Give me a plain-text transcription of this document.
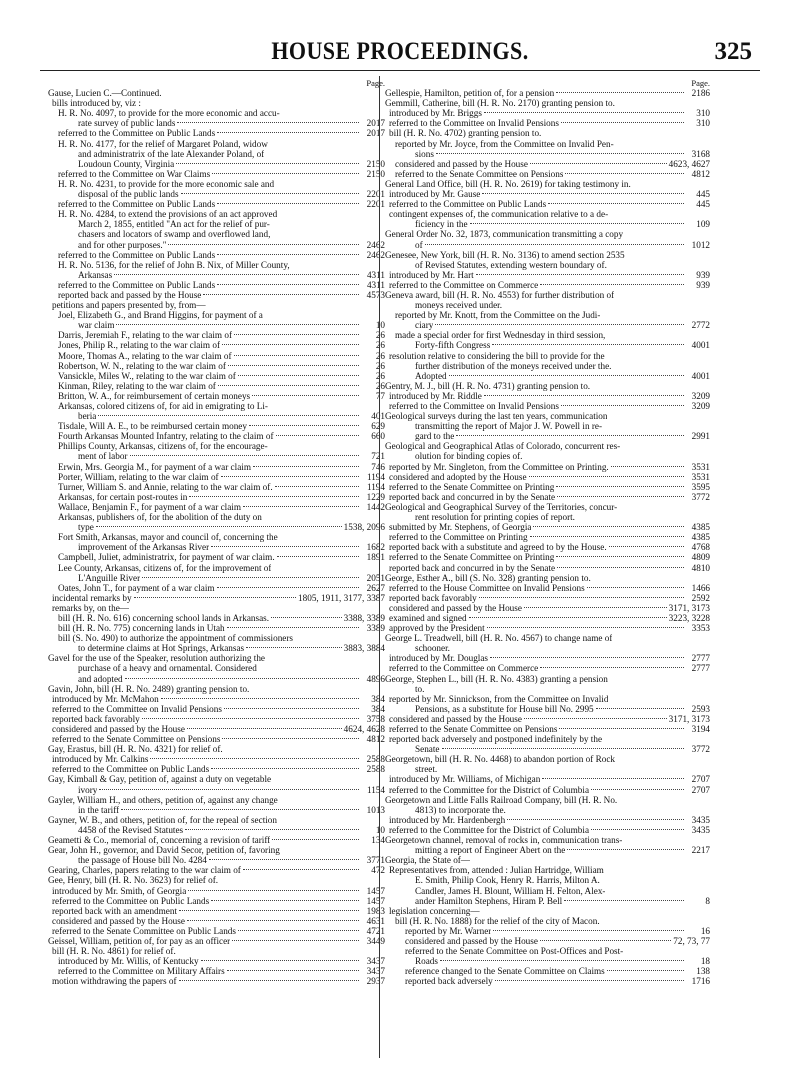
HOUSE PROCEEDINGS.	325
Page.
Gause, Lucien C.—Continued.
bills introduced by, viz :
H. R. No. 4097, to provide for the more economic and accu-
rate survey of public lands	2017
referred to the Committee on Public Lands	2017
H. R. No. 4177, for the relief of Margaret Poland, widow
and administratrix of the late Alexander Poland, of
Loudoun County, Virginia	2150
referred to the Committee on War Claims	2150
H. R. No. 4231, to provide for the more economic sale and
disposal of the public lands	2201
referred to the Committee on Public Lands	2201
H. R. No. 4284, to extend the provisions of an act approved
March 2, 1855, entitled "An act for the relief of pur-
chasers and locators of swamp and overflowed land,
and for other purposes."	2462
referred to the Committee on Public Lands	2462
H. R. No. 5136, for the relief of John B. Nix, of Miller County,
Arkansas	4311
referred to the Committee on Public Lands	4311
reported back and passed by the House	4573
petitions and papers presented by, from—
Joel, Elizabeth G., and Brand Higgins, for payment of a
war claim	10
Darris, Jeremiah F., relating to the war claim of	26
Jones, Philip R., relating to the war claim of	26
Moore, Thomas A., relating to the war claim of	26
Robertson, W. N., relating to the war claim of	26
Vansickle, Miles W., relating to the war claim of	26
Kinman, Riley, relating to the war claim of	26
Britton, W. A., for reimbursement of certain moneys	77
Arkansas, colored citizens of, for aid in emigrating to Li-
beria	401
Tisdale, Will A. E., to be reimbursed certain money	629
Fourth Arkansas Mounted Infantry, relating to the claim of	660
Phillips County, Arkansas, citizens of, for the encourage-
ment of labor	721
Erwin, Mrs. Georgia M., for payment of a war claim	746
Porter, William, relating to the war claim of	1194
Turner, William S. and Annie, relating to the war claim of.	1194
Arkansas, for certain post-routes in	1229
Wallace, Benjamin F., for payment of a war claim	1442
Arkansas, publishers of, for the abolition of the duty on
type	1538, 2096
Fort Smith, Arkansas, mayor and council of, concerning the
improvement of the Arkansas River	1682
Campbell, Juliet, administratrix, for payment of war claim.	1891
Lee County, Arkansas, citizens of, for the improvement of
L'Anguille River	2051
Oates, John T., for payment of a war claim	2627
incidental remarks by	1805, 1911, 3177, 3387
remarks by, on the—
bill (H. R. No. 616) concerning school lands in Arkansas.	3388, 3389
bill (H. R. No. 775) concerning lands in Utah	3389
bill (S. No. 490) to authorize the appointment of commissioners
to determine claims at Hot Springs, Arkansas	3883, 3884
Gavel for the use of the Speaker, resolution authorizing the
purchase of a heavy and ornamental. Considered
and adopted	4896
Gavin, John, bill (H. R. No. 2489) granting pension to.
introduced by Mr. McMahon	384
referred to the Committee on Invalid Pensions	384
reported back favorably	3758
considered and passed by the House	4624, 4628
referred to the Senate Committee on Pensions	4812
Gay, Erastus, bill (H. R. No. 4321) for relief of.
introduced by Mr. Calkins	2588
referred to the Committee on Public Lands	2588
Gay, Kimball & Gay, petition of, against a duty on vegetable
ivory	1154
Gayler, William H., and others, petition of, against any change
in the tariff	1013
Gayner, W. B., and others, petition of, for the repeal of section
4458 of the Revised Statutes	10
Geametti & Co., memorial of, concerning a revision of tariff	134
Gear, John H., governor, and David Secor, petition of, favoring
the passage of House bill No. 4284	3771
Gearing, Charles, papers relating to the war claim of	472
Gee, Henry, bill (H. R. No. 3623) for relief of.
introduced by Mr. Smith, of Georgia	1457
referred to the Committee on Public Lands	1457
reported back with an amendment	1983
considered and passed by the House	4631
referred to the Senate Committee on Public Lands	4721
Geissel, William, petition of, for pay as an officer	3449
bill (H. R. No. 4861) for relief of.
introduced by Mr. Willis, of Kentucky	3437
referred to the Committee on Military Affairs	3437
motion withdrawing the papers of	2937
Page.
Gellespie, Hamilton, petition of, for a pension	2186
Gemmill, Catherine, bill (H. R. No. 2170) granting pension to.
introduced by Mr. Briggs	310
referred to the Committee on Invalid Pensions	310
bill (H. R. No. 4702) granting pension to.
reported by Mr. Joyce, from the Committee on Invalid Pen-
sions	3168
considered and passed by the House	4623, 4627
referred to the Senate Committee on Pensions	4812
General Land Office, bill (H. R. No. 2619) for taking testimony in.
introduced by Mr. Gause	445
referred to the Committee on Public Lands	445
contingent expenses of, the communication relative to a de-
ficiency in the	109
General Order No. 32, 1873, communication transmitting a copy
of	1012
Genesee, New York, bill (H. R. No. 3136) to amend section 2535
of Revised Statutes, extending western boundary of.
introduced by Mr. Hart	939
referred to the Committee on Commerce	939
Geneva award, bill (H. R. No. 4553) for further distribution of
moneys received under.
reported by Mr. Knott, from the Committee on the Judi-
ciary	2772
made a special order for first Wednesday in third session,
Forty-fifth Congress	4001
resolution relative to considering the bill to provide for the
further distribution of the moneys received under the.
Adopted	4001
Gentry, M. J., bill (H. R. No. 4731) granting pension to.
introduced by Mr. Riddle	3209
referred to the Committee on Invalid Pensions	3209
Geological surveys during the last ten years, communication
transmitting the report of Major J. W. Powell in re-
gard to the	2991
Geological and Geographical Atlas of Colorado, concurrent res-
olution for binding copies of.
reported by Mr. Singleton, from the Committee on Printing.	3531
considered and adopted by the House	3531
referred to the Senate Committee on Printing	3595
reported back and concurred in by the Senate	3772
Geological and Geographical Survey of the Territories, concur-
rent resolution for printing copies of report.
submitted by Mr. Stephens, of Georgia	4385
referred to the Committee on Printing	4385
reported back with a substitute and agreed to by the House.	4768
referred to the Senate Committee on Printing	4809
reported back and concurred in by the Senate	4810
George, Esther A., bill (S. No. 328) granting pension to.
referred to the House Committee on Invalid Pensions	1466
reported back favorably	2592
considered and passed by the House	3171, 3173
examined and signed	3223, 3228
approved by the President	3353
George L. Treadwell, bill (H. R. No. 4567) to change name of
schooner.
introduced by Mr. Douglas	2777
referred to the Committee on Commerce	2777
George, Stephen L., bill (H. R. No. 4383) granting a pension
to.
reported by Mr. Sinnickson, from the Committee on Invalid
Pensions, as a substitute for House bill No. 2995	2593
considered and passed by the House	3171, 3173
referred to the Senate Committee on Pensions	3194
reported back adversely and postponed indefinitely by the
Senate	3772
Georgetown, bill (H. R. No. 4468) to abandon portion of Rock
street.
introduced by Mr. Williams, of Michigan	2707
referred to the Committee for the District of Columbia	2707
Georgetown and Little Falls Railroad Company, bill (H. R. No.
4813) to incorporate the.
introduced by Mr. Hardenbergh	3435
referred to the Committee for the District of Columbia	3435
Georgetown channel, removal of rocks in, communication trans-
mitting a report of Engineer Abert on the	2217
Georgia, the State of—
Representatives from, attended : Julian Hartridge, William
E. Smith, Philip Cook, Henry R. Harris, Milton A.
Candler, James H. Blount, William H. Felton, Alex-
ander Hamilton Stephens, Hiram P. Bell	8
legislation concerning—
bill (H. R. No. 1888) for the relief of the city of Macon.
reported by Mr. Warner	16
considered and passed by the House	72, 73, 77
referred to the Senate Committee on Post-Offices and Post-
Roads	18
reference changed to the Senate Committee on Claims	138
reported back adversely	1716
